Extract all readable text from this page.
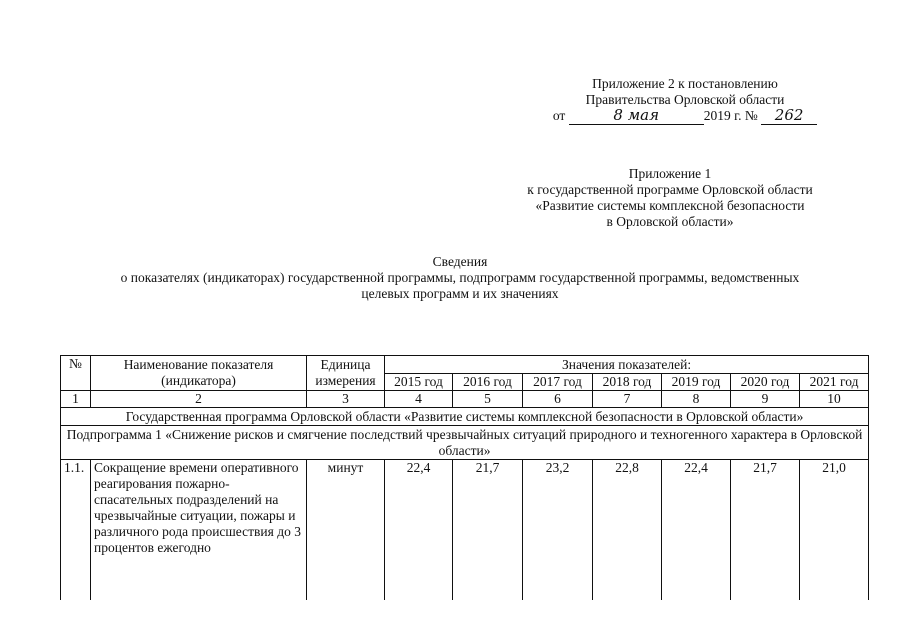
Приложение 2 к постановлению
Правительства Орловской области
от	8 мая	2019 г. № 262
Приложение 1
к государственной программе Орловской области
«Развитие системы комплексной безопасности
в Орловской области»
Сведения
о показателях (индикаторах) государственной программы, подпрограмм государственной программы, ведомственных
целевых программ и их значениях
№	Наименование показателя (индикатора)	Единица измерения	Значения показателей:						
			2015 год	2016 год	2017 год	2018 год	2019 год	2020 год	2021 год
1	2	3	4	5	6	7	8	9	10
Государственная программа Орловской области «Развитие системы комплексной безопасности в Орловской области»									
Подпрограмма 1 «Снижение рисков и смягчение последствий чрезвычайных ситуаций природного и техногенного характера в Орловской области»									
1.1.	Сокращение времени оперативного реагирования пожарно-спасательных подразделений на чрезвычайные ситуации, пожары и различного рода происшествия до 3 процентов ежегодно	минут	22,4	21,7	23,2	22,8	22,4	21,7	21,0
